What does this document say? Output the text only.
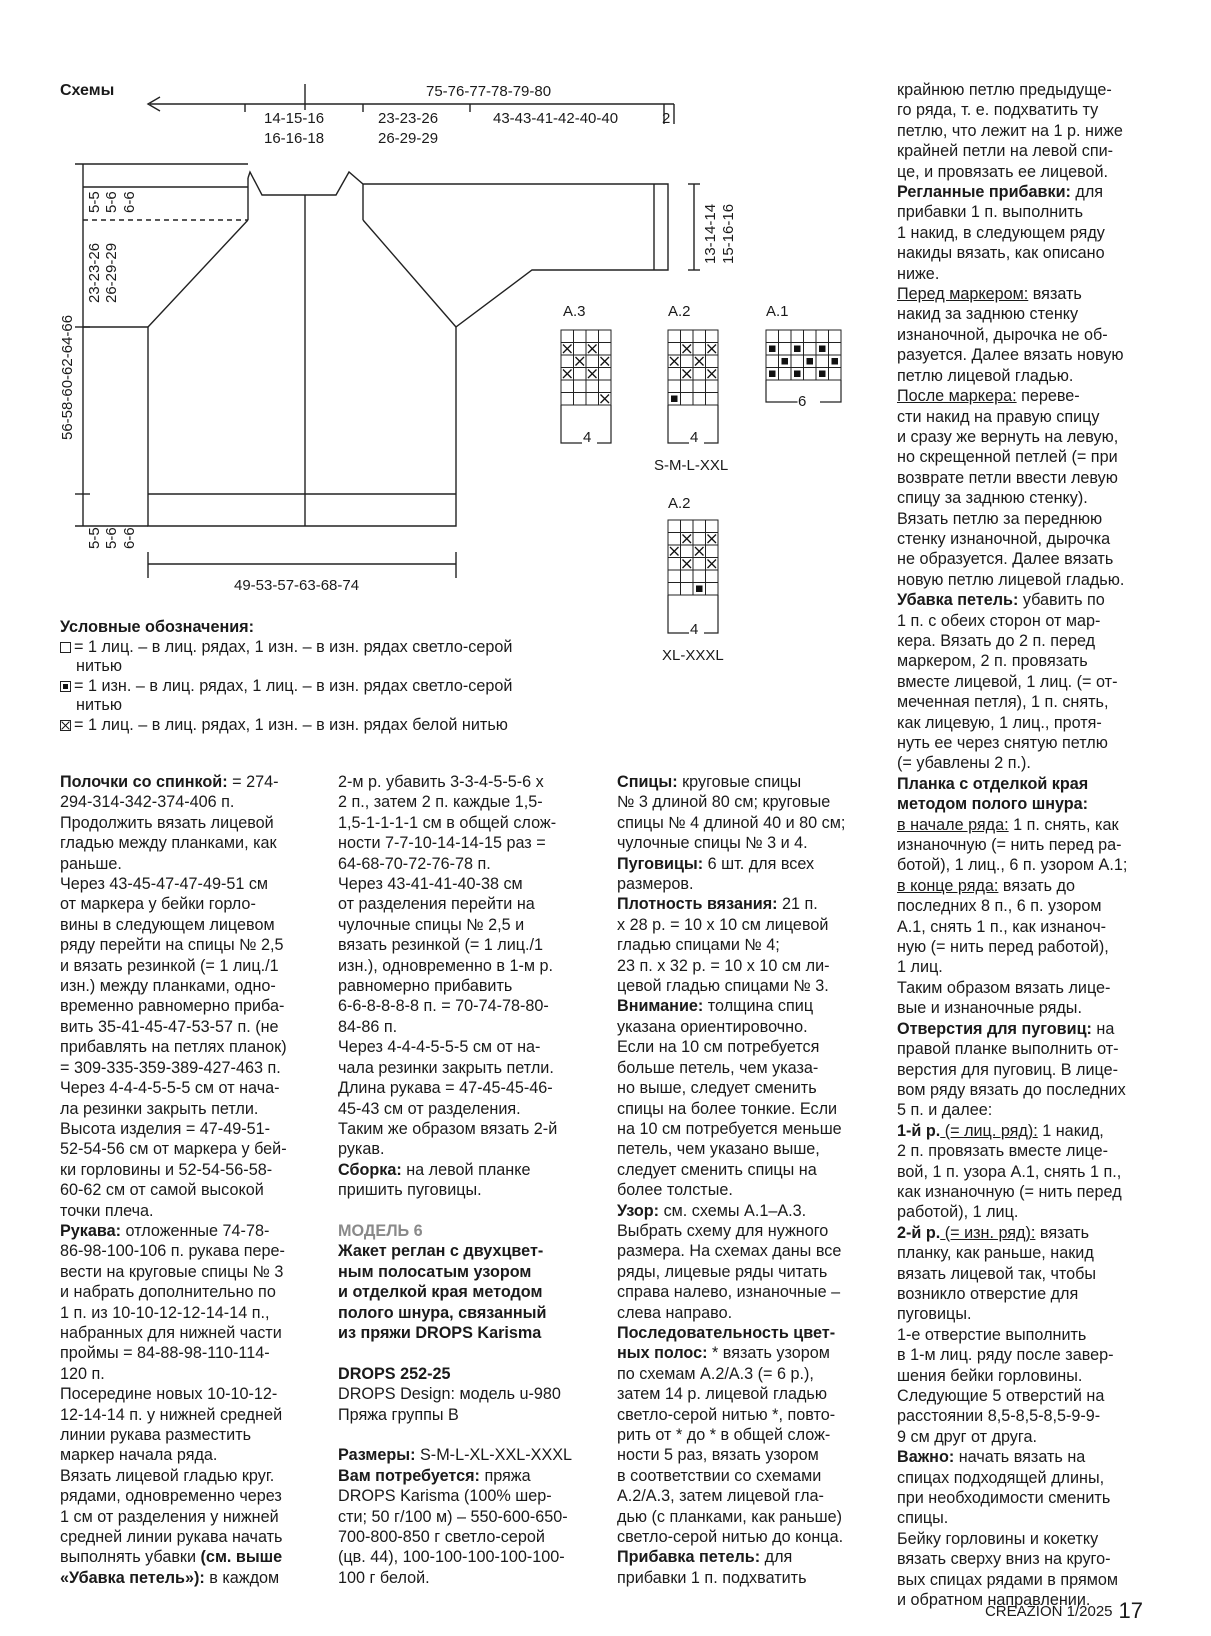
Схемы	75-76-77-78-79-80
14-15-16
16-16-18
23-23-26
26-29-29
43-43-41-42-40-40	2
56-58-60-62-64-66
5-5 5-6 6-6
23-23-26 26-29-29
5-5 5-6 6-6
13-14-14 15-16-16
49-53-57-63-68-74
A.3	A.2	A.1
4	4
6
S-M-L-XXL
A.2
4
XL-XXXL
Условные обозначения:
= 1 лиц. – в лиц. рядах, 1 изн. – в изн. рядах светло-серой
нитью
= 1 изн. – в лиц. рядах, 1 лиц. – в изн. рядах светло-серой
нитью
= 1 лиц. – в лиц. рядах, 1 изн. – в изн. рядах белой нитью
Полочки со спинкой: = 274-
294-314-342-374-406 п.
Продолжить вязать лицевой
гладью между планками, как
раньше.
Через 43-45-47-47-49-51 см
от маркера у бейки горло-
вины в следующем лицевом
ряду перейти на спицы № 2,5
и вязать резинкой (= 1 лиц./1
изн.) между планками, одно-
временно равномерно приба-
вить 35-41-45-47-53-57 п. (не
прибавлять на петлях планок)
= 309-335-359-389-427-463 п.
Через 4-4-4-5-5-5 см от нача-
ла резинки закрыть петли.
Высота изделия = 47-49-51-
52-54-56 см от маркера у бей-
ки горловины и 52-54-56-58-
60-62 см от самой высокой
точки плеча.
Рукава: отложенные 74-78-
86-98-100-106 п. рукава пере-
вести на круговые спицы № 3
и набрать дополнительно по
1 п. из 10-10-12-12-14-14 п.,
набранных для нижней части
проймы = 84-88-98-110-114-
120 п.
Посередине новых 10-10-12-
12-14-14 п. у нижней средней
линии рукава разместить
маркер начала ряда.
Вязать лицевой гладью круг.
рядами, одновременно через
1 см от разделения у нижней
средней линии рукава начать
выполнять убавки (см. выше
«Убавка петель»): в каждом
2-м р. убавить 3-3-4-5-5-6 х
2 п., затем 2 п. каждые 1,5-
1,5-1-1-1-1 см в общей слож-
ности 7-7-10-14-14-15 раз =
64-68-70-72-76-78 п.
Через 43-41-41-40-38 см
от разделения перейти на
чулочные спицы № 2,5 и
вязать резинкой (= 1 лиц./1
изн.), одновременно в 1-м р.
равномерно прибавить
6-6-8-8-8-8 п. = 70-74-78-80-
84-86 п.
Через 4-4-4-5-5-5 см от на-
чала резинки закрыть петли.
Длина рукава = 47-45-45-46-
45-43 см от разделения.
Таким же образом вязать 2-й
рукав.
Сборка: на левой планке
пришить пуговицы.
МОДЕЛЬ 6
Жакет реглан с двухцвет-
ным полосатым узором
и отделкой края методом
полого шнура, связанный
из пряжи DROPS Karisma
DROPS 252-25
DROPS Design: модель u-980
Пряжа группы B
Размеры: S-M-L-XL-XXL-XXXL
Вам потребуется: пряжа
DROPS Karisma (100% шер-
сти; 50 г/100 м) – 550-600-650-
700-800-850 г светло-серой
(цв. 44), 100-100-100-100-100-
100 г белой.
Спицы: круговые спицы
№ 3 длиной 80 см; круговые
спицы № 4 длиной 40 и 80 см;
чулочные спицы № 3 и 4.
Пуговицы: 6 шт. для всех
размеров.
Плотность вязания: 21 п.
х 28 р. = 10 х 10 см лицевой
гладью спицами № 4;
23 п. х 32 р. = 10 х 10 см ли-
цевой гладью спицами № 3.
Внимание: толщина спиц
указана ориентировочно.
Если на 10 см потребуется
больше петель, чем указа-
но выше, следует сменить
спицы на более тонкие. Если
на 10 см потребуется меньше
петель, чем указано выше,
следует сменить спицы на
более толстые.
Узор: см. схемы A.1–A.3.
Выбрать схему для нужного
размера. На схемах даны все
ряды, лицевые ряды читать
справа налево, изнаночные –
слева направо.
Последовательность цвет-
ных полос: * вязать узором
по схемам A.2/A.3 (= 6 р.),
затем 14 р. лицевой гладью
светло-серой нитью *, повто-
рить от * до * в общей слож-
ности 5 раз, вязать узором
в соответствии со схемами
A.2/A.3, затем лицевой гла-
дью (с планками, как раньше)
светло-серой нитью до конца.
Прибавка петель: для
прибавки 1 п. подхватить
крайнюю петлю предыдуще-
го ряда, т. е. подхватить ту
петлю, что лежит на 1 р. ниже
крайней петли на левой спи-
це, и провязать ее лицевой.
Регланные прибавки: для
прибавки 1 п. выполнить
1 накид, в следующем ряду
накиды вязать, как описано
ниже.
Перед маркером: вязать
накид за заднюю стенку
изнаночной, дырочка не об-
разуется. Далее вязать новую
петлю лицевой гладью.
После маркера: переве-
сти накид на правую спицу
и сразу же вернуть на левую,
но скрещенной петлей (= при
возврате петли ввести левую
спицу за заднюю стенку).
Вязать петлю за переднюю
стенку изнаночной, дырочка
не образуется. Далее вязать
новую петлю лицевой гладью.
Убавка петель: убавить по
1 п. с обеих сторон от мар-
кера. Вязать до 2 п. перед
маркером, 2 п. провязать
вместе лицевой, 1 лиц. (= от-
меченная петля), 1 п. снять,
как лицевую, 1 лиц., протя-
нуть ее через снятую петлю
(= убавлены 2 п.).
Планка с отделкой края
методом полого шнура:
в начале ряда: 1 п. снять, как
изнаночную (= нить перед ра-
ботой), 1 лиц., 6 п. узором A.1;
в конце ряда: вязать до
последних 8 п., 6 п. узором
A.1, снять 1 п., как изнаноч-
ную (= нить перед работой),
1 лиц.
Таким образом вязать лице-
вые и изнаночные ряды.
Отверстия для пуговиц: на
правой планке выполнить от-
верстия для пуговиц. В лице-
вом ряду вязать до последних
5 п. и далее:
1-й р. (= лиц. ряд): 1 накид,
2 п. провязать вместе лице-
вой, 1 п. узора A.1, снять 1 п.,
как изнаночную (= нить перед
работой), 1 лиц.
2-й р. (= изн. ряд): вязать
планку, как раньше, накид
вязать лицевой так, чтобы
возникло отверстие для
пуговицы.
1-е отверстие выполнить
в 1-м лиц. ряду после завер-
шения бейки горловины.
Следующие 5 отверстий на
расстоянии 8,5-8,5-8,5-9-9-
9 см друг от друга.
Важно: начать вязать на
спицах подходящей длины,
при необходимости сменить
спицы.
Бейку горловины и кокетку
вязать сверху вниз на круго-
вых спицах рядами в прямом
и обратном направлении.
CREAZION 1/2025 17
